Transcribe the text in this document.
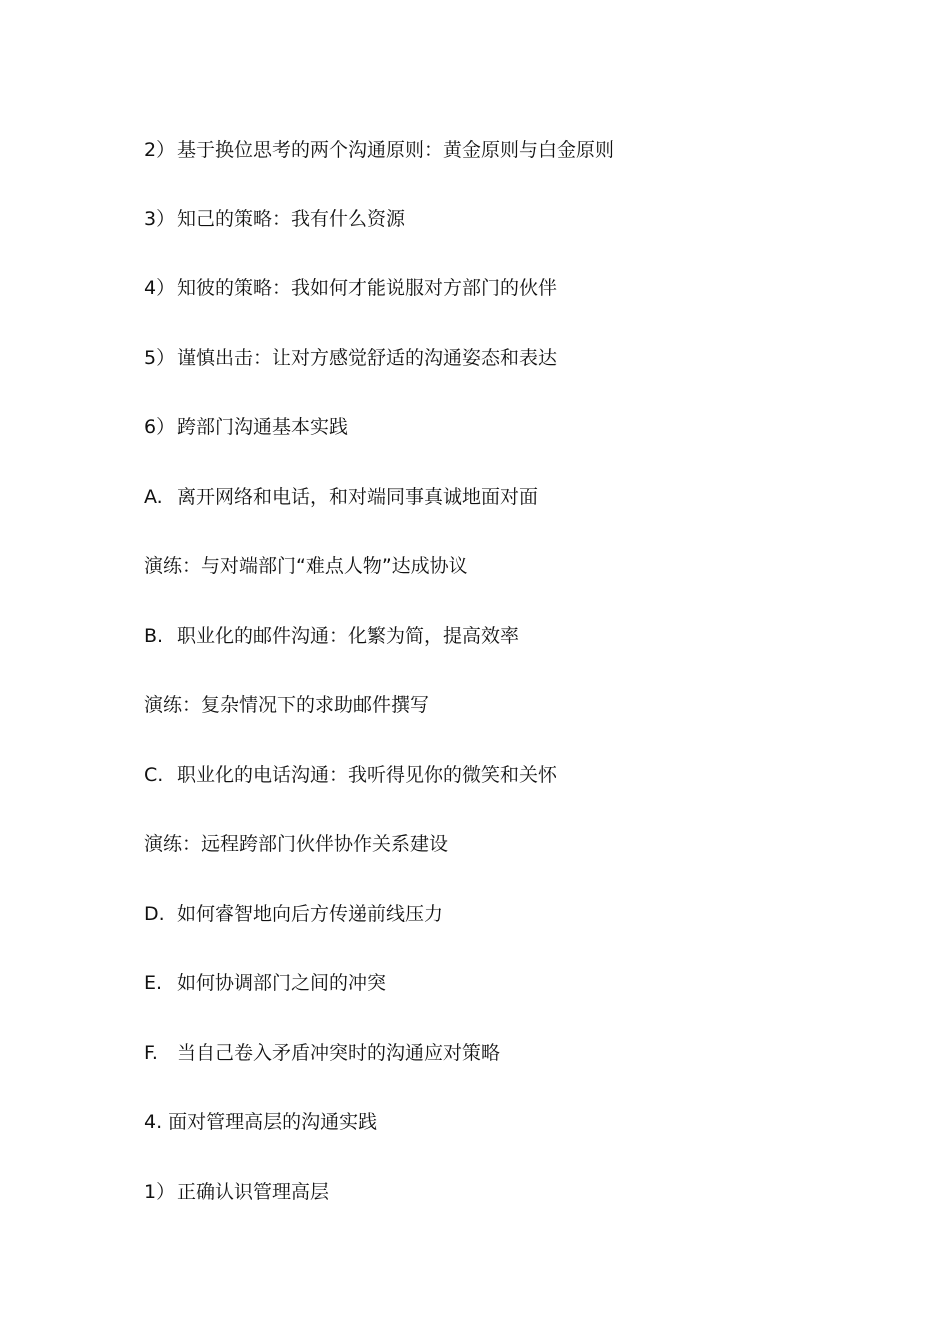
2） 基于换位思考的两个沟通原则：黄金原则与白金原则
3） 知己的策略：我有什么资源
4） 知彼的策略：我如何才能说服对方部门的伙伴
5） 谨慎出击：让对方感觉舒适的沟通姿态和表达
6） 跨部门沟通基本实践
A. 离开网络和电话，和对端同事真诚地面对面
演练：与对端部门“难点人物”达成协议
B. 职业化的邮件沟通：化繁为简，提高效率
演练：复杂情况下的求助邮件撰写
C. 职业化的电话沟通：我听得见你的微笑和关怀
演练：远程跨部门伙伴协作关系建设
D. 如何睿智地向后方传递前线压力
E. 如何协调部门之间的冲突
F. 当自己卷入矛盾冲突时的沟通应对策略
4. 面对管理高层的沟通实践
1） 正确认识管理高层
